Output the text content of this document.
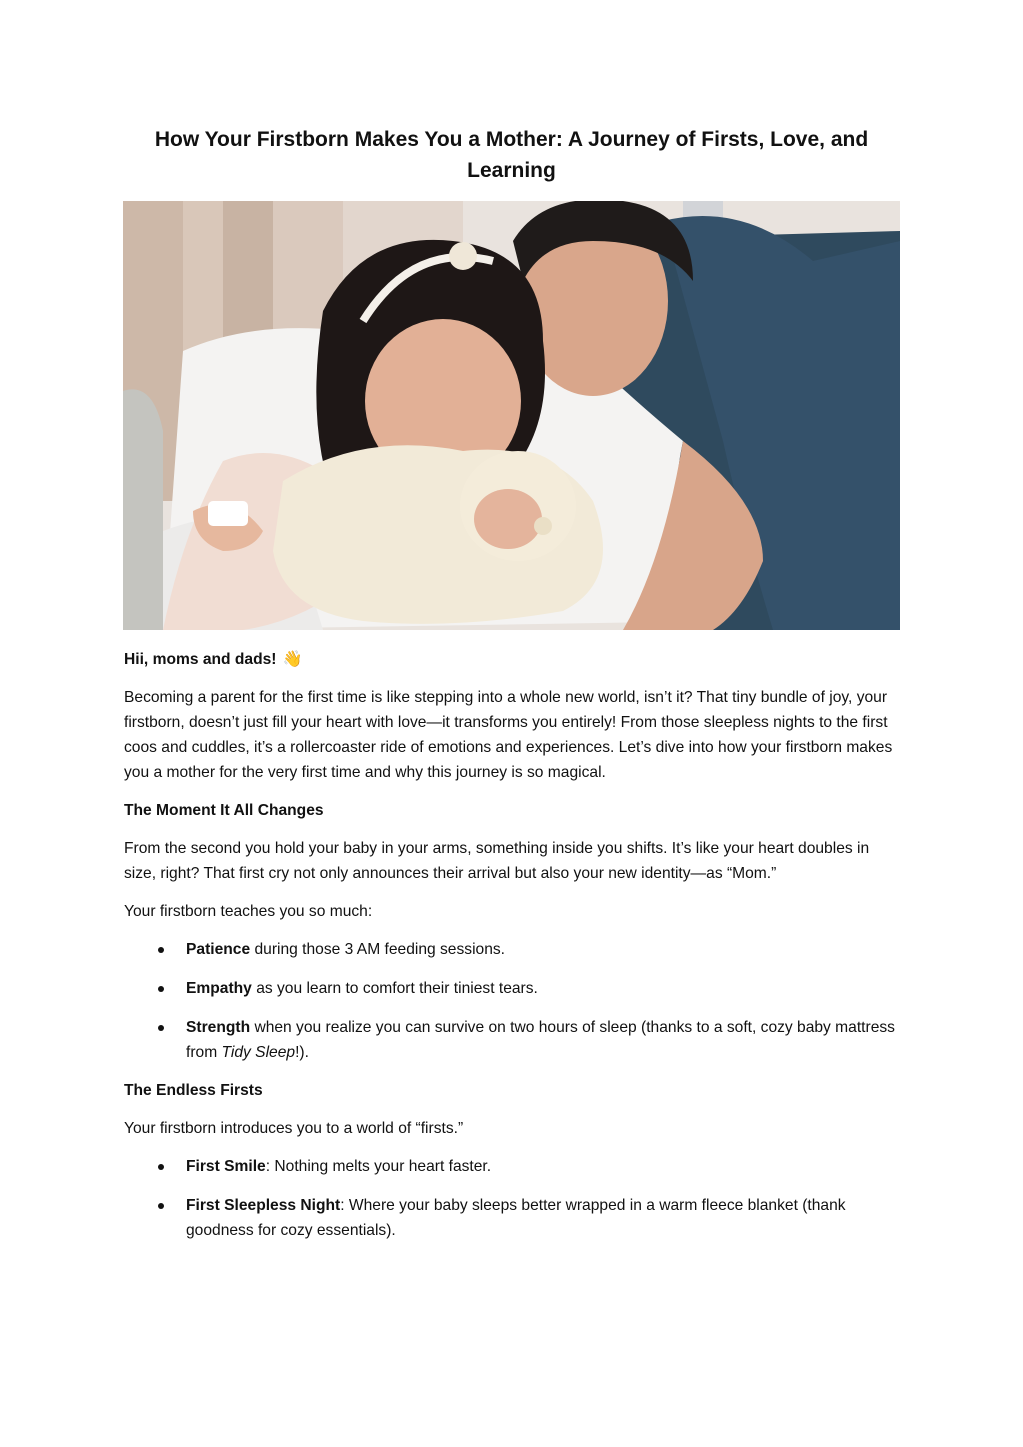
How Your Firstborn Makes You a Mother: A Journey of Firsts, Love, and Learning

Hii, moms and dads! 👋

Becoming a parent for the first time is like stepping into a whole new world, isn’t it? That tiny bundle of joy, your firstborn, doesn’t just fill your heart with love—it transforms you entirely! From those sleepless nights to the first coos and cuddles, it’s a rollercoaster ride of emotions and experiences. Let’s dive into how your firstborn makes you a mother for the very first time and why this journey is so magical.

The Moment It All Changes

From the second you hold your baby in your arms, something inside you shifts. It’s like your heart doubles in size, right? That first cry not only announces their arrival but also your new identity—as “Mom.”

Your firstborn teaches you so much:

Patience during those 3 AM feeding sessions.
Empathy as you learn to comfort their tiniest tears.
Strength when you realize you can survive on two hours of sleep (thanks to a soft, cozy baby mattress from Tidy Sleep!).
The Endless Firsts

Your firstborn introduces you to a world of “firsts.”

First Smile: Nothing melts your heart faster.
First Sleepless Night: Where your baby sleeps better wrapped in a warm fleece blanket (thank goodness for cozy essentials).
